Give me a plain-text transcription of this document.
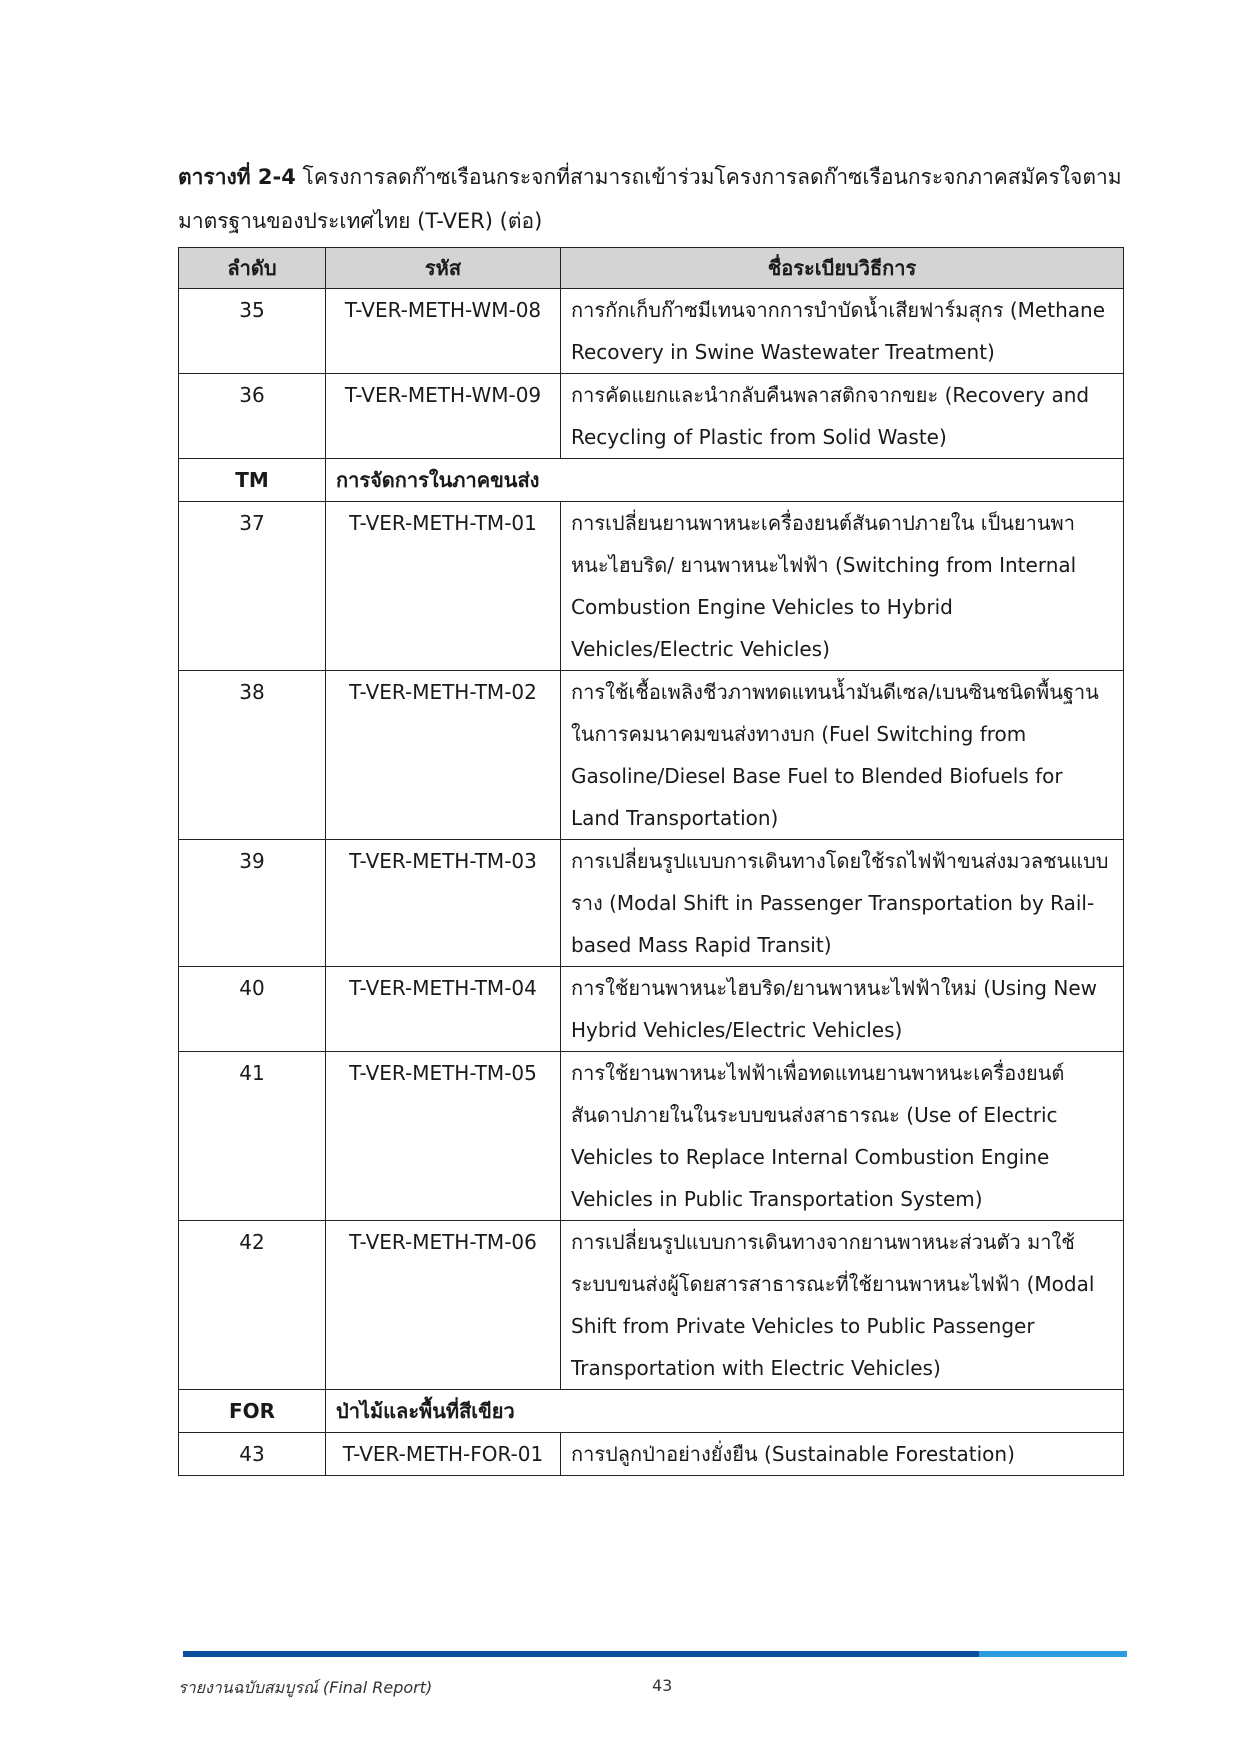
ตารางที่ 2-4 โครงการลดก๊าซเรือนกระจกที่สามารถเข้าร่วมโครงการลดก๊าซเรือนกระจกภาคสมัครใจตามมาตรฐานของประเทศไทย (T-VER) (ต่อ)
ลำดับ	รหัส	ชื่อระเบียบวิธีการ
35	T-VER-METH-WM-08	การกักเก็บก๊าซมีเทนจากการบำบัดน้ำเสียฟาร์มสุกร (Methane Recovery in Swine Wastewater Treatment)
36	T-VER-METH-WM-09	การคัดแยกและนำกลับคืนพลาสติกจากขยะ (Recovery and Recycling of Plastic from Solid Waste)
TM	การจัดการในภาคขนส่ง	
37	T-VER-METH-TM-01	การเปลี่ยนยานพาหนะเครื่องยนต์สันดาปภายใน เป็นยานพาหนะไฮบริด/ ยานพาหนะไฟฟ้า (Switching from Internal Combustion Engine Vehicles to Hybrid Vehicles/Electric Vehicles)
38	T-VER-METH-TM-02	การใช้เชื้อเพลิงชีวภาพทดแทนน้ำมันดีเซล/เบนซินชนิดพื้นฐานในการคมนาคมขนส่งทางบก (Fuel Switching from Gasoline/Diesel Base Fuel to Blended Biofuels for Land Transportation)
39	T-VER-METH-TM-03	การเปลี่ยนรูปแบบการเดินทางโดยใช้รถไฟฟ้าขนส่งมวลชนแบบราง (Modal Shift in Passenger Transportation by Rail-based Mass Rapid Transit)
40	T-VER-METH-TM-04	การใช้ยานพาหนะไฮบริด/ยานพาหนะไฟฟ้าใหม่ (Using New Hybrid Vehicles/Electric Vehicles)
41	T-VER-METH-TM-05	การใช้ยานพาหนะไฟฟ้าเพื่อทดแทนยานพาหนะเครื่องยนต์สันดาปภายในในระบบขนส่งสาธารณะ (Use of Electric Vehicles to Replace Internal Combustion Engine Vehicles in Public Transportation System)
42	T-VER-METH-TM-06	การเปลี่ยนรูปแบบการเดินทางจากยานพาหนะส่วนตัว มาใช้ระบบขนส่งผู้โดยสารสาธารณะที่ใช้ยานพาหนะไฟฟ้า (Modal Shift from Private Vehicles to Public Passenger Transportation with Electric Vehicles)
FOR	ป่าไม้และพื้นที่สีเขียว	
43	T-VER-METH-FOR-01	การปลูกป่าอย่างยั่งยืน (Sustainable Forestation)
รายงานฉบับสมบูรณ์ (Final Report)	43
